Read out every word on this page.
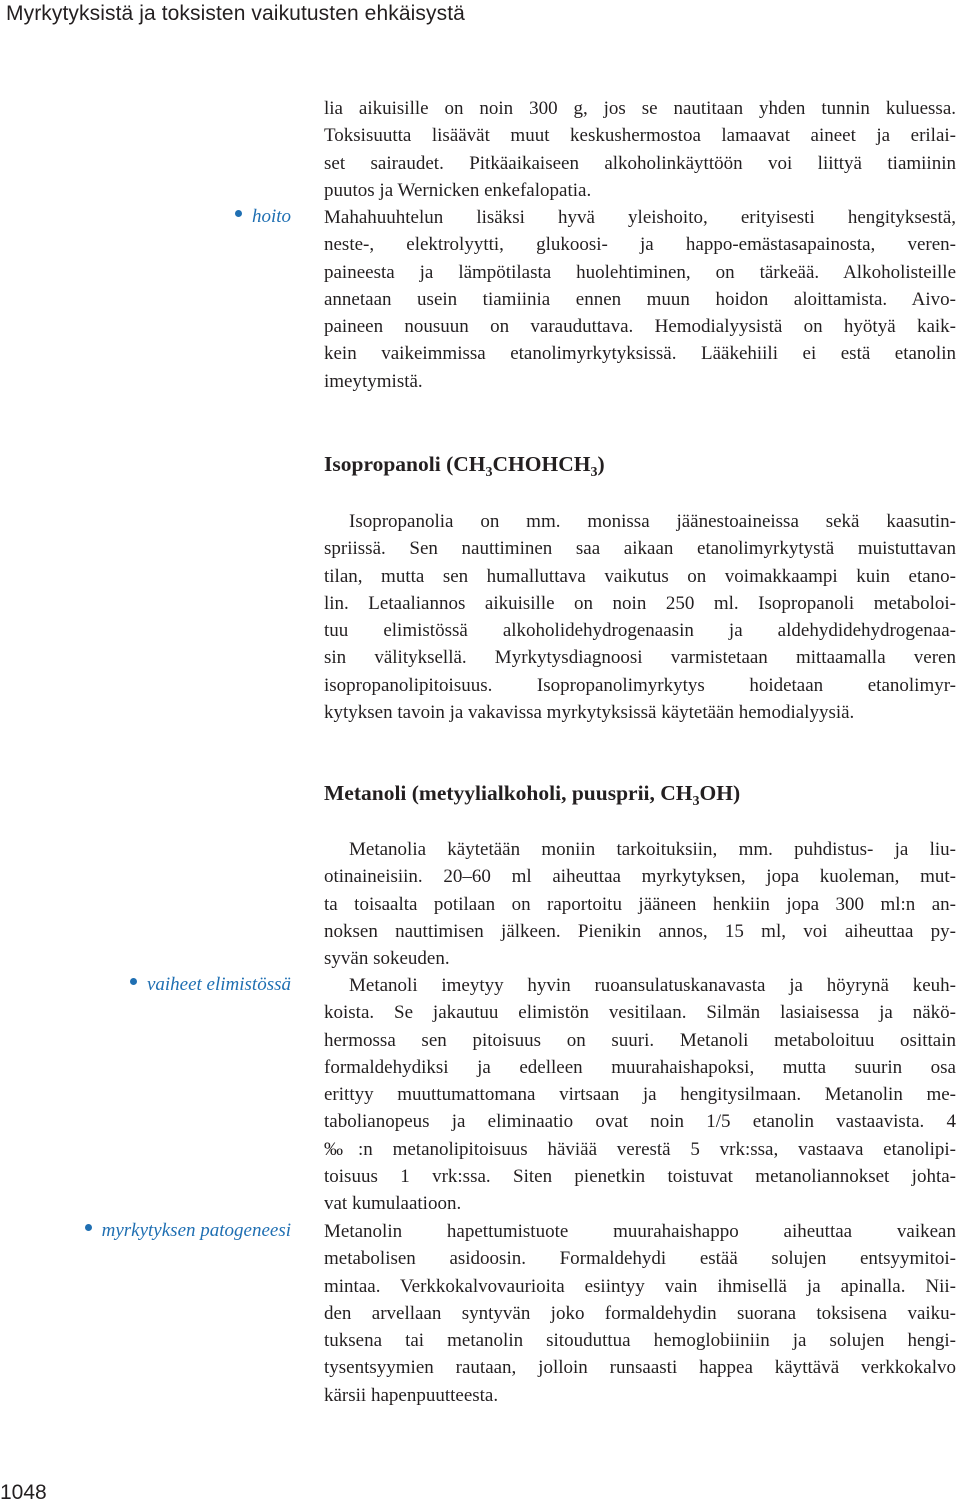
Myrkytyksistä ja toksisten vaikutusten ehkäisystä

lia aikuisille on noin 300 g, jos se nautitaan yhden tunnin kuluessa.
Toksisuutta lisäävät muut keskushermostoa lamaavat aineet ja erilai-
set sairaudet. Pitkäaikaiseen alkoholinkäyttöön voi liittyä tiamiinin
puutos ja Wernicken enkefalopatia.

hoito Mahahuuhtelun lisäksi hyvä yleishoito, erityisesti hengityksestä,
neste-, elektrolyytti, glukoosi- ja happo-emästasapainosta, veren-
paineesta ja lämpötilasta huolehtiminen, on tärkeää. Alkoholisteille
annetaan usein tiamiinia ennen muun hoidon aloittamista. Aivo-
paineen nousuun on varauduttava. Hemodialyysistä on hyötyä kaik-
kein vaikeimmissa etanolimyrkytyksissä. Lääkehiili ei estä etanolin
imeytymistä.

Isopropanoli $(CH_3CHOHCH_3)$

Isopropanolia on mm. monissa jäänestoaineissa sekä kaasutin-
spriissä. Sen nauttiminen saa aikaan etanolimyrkytystä muistuttavan
tilan, mutta sen humalluttava vaikutus on voimakkaampi kuin etano-
lin. Letaaliannos aikuisille on noin 250 ml. Isopropanoli metaboloi-
tuu elimistössä alkoholidehydrogenaasin ja aldehydidehydrogenaa-
sin välityksellä. Myrkytysdiagnoosi varmistetaan mittaamalla veren
isopropanolipitoisuus. Isopropanolimyrkytys hoidetaan etanolimyr-
kytyksen tavoin ja vakavissa myrkytyksissä käytetään hemodialyysiä.

Metanoli (metyylialkoholi, puusprii, $CH_3OH$)

Metanolia käytetään moniin tarkoituksiin, mm. puhdistus- ja liu-
otinaineisiin. 20–60 ml aiheuttaa myrkytyksen, jopa kuoleman, mut-
ta toisaalta potilaan on raportoitu jääneen henkiin jopa 300 ml:n an-
noksen nauttimisen jälkeen. Pienikin annos, 15 ml, voi aiheuttaa py-
syvän sokeuden.

vaiheet elimistössä	Metanoli imeytyy hyvin ruoansulatuskanavasta ja höyrynä keuh-
koista. Se jakautuu elimistön vesitilaan. Silmän lasiaisessa ja näkö-
hermossa sen pitoisuus on suuri. Metanoli metaboloituu osittain
formaldehydiksi ja edelleen muurahaishapoksi, mutta suurin osa
erittyy muuttumattomana virtsaan ja hengitysilmaan. Metanolin me-
tabolianopeus ja eliminaatio ovat noin 1/5 etanolin vastaavista. 4
‰:n metanolipitoisuus häviää verestä 5 vrk:ssa, vastaava etanolipi-
toisuus 1 vrk:ssa. Siten pienetkin toistuvat metanoliannokset johta-
vat kumulaatioon.

myrkytyksen patogeneesi Metanolin hapettumistuote muurahaishappo aiheuttaa vaikean
metabolisen asidoosin. Formaldehydi estää solujen entsyymitoi-
mintaa. Verkkokalvovaurioita esiintyy vain ihmisellä ja apinalla. Nii-
den arvellaan syntyvän joko formaldehydin suorana toksisena vaiku-
tuksena tai metanolin sitouduttua hemoglobiiniin ja solujen hengi-
tysentsyymien rautaan, jolloin runsaasti happea käyttävä verkkokalvo
kärsii hapenpuutteesta.

1048
